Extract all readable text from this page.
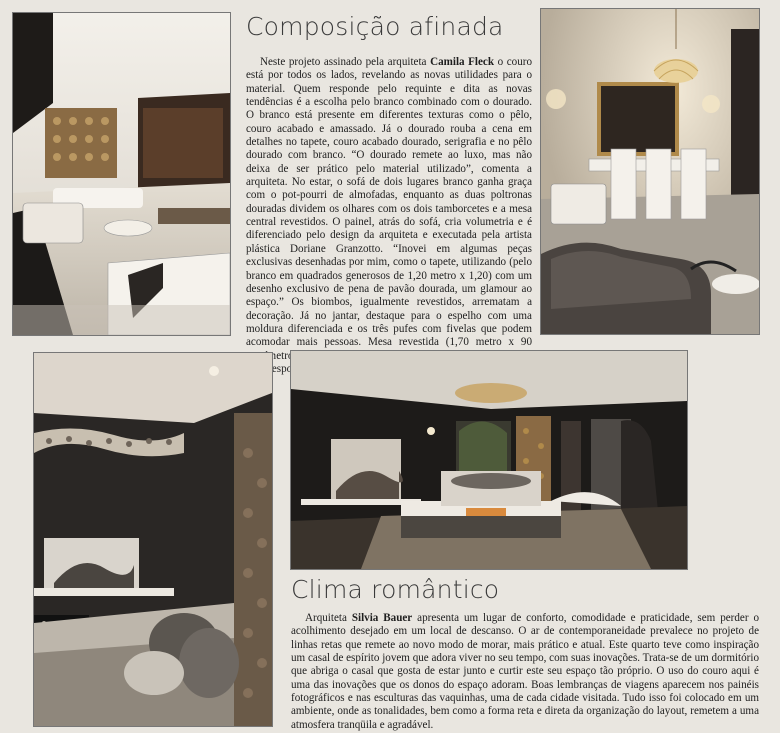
Composição afinada

Neste projeto assinado pela arquiteta Camila Fleck o couro está por todos os lados, revelando as novas utilidades para o material. Quem responde pelo requinte e dita as novas tendências é a escolha pelo branco combinado com o dourado. O branco está presente em diferentes texturas como o pêlo, couro acabado e amassado. Já o dourado rouba a cena em detalhes no tapete, couro acabado dourado, serigrafia e no pêlo dourado com branco. “O dourado remete ao luxo, mas não deixa de ser prático pelo material utilizado”, comenta a arquiteta. No estar, o sofá de dois lugares branco ganha graça com o pot-pourri de almofadas, enquanto as duas poltronas douradas dividem os olhares com os dois tamborcetes e a mesa central revestidos. O painel, atrás do sofá, cria volumetria e é diferenciado pelo design da arquiteta e executada pela artista plástica Doriane Granzotto. “Inovei em algumas peças exclusivas desenhadas por mim, como o tapete, utilizando (pelo branco em quadrados generosos de 1,20 metro x 1,20) com um desenho exclusivo de pena de pavão dourada, um glamour ao espaço.” Os biombos, igualmente revestidos, arrematam a decoração. Já no jantar, destaque para o espelho com uma moldura diferenciada e os três pufes com fivelas que podem acomodar mais pessoas. Mesa revestida (1,70 metro x 90 centímetros)

Clima romântico

Arquiteta Silvia Bauer apresenta um lugar de conforto, comodidade e praticidade, sem perder o acolhimento desejado em um local de descanso. O ar de contemporaneidade prevalece no projeto de linhas retas que remete ao novo modo de morar, mais prático e atual. Este quarto teve como inspiração um casal de espírito jovem que adora viver no seu tempo, com suas inovações. Trata-se de um dormitório que abriga o casal que gosta de estar junto e curtir este seu espaço tão próprio. O uso do couro aqui é uma das inovações que os donos do espaço adoram. Boas lembranças de viagens aparecem nos painéis fotográficos e nas esculturas das vaquinhas, uma de cada cidade visitada. Tudo isso foi colocado em um ambiente, onde as tonalidades, bem como a forma reta e direta da organização do layout, remetem a uma atmosfera tranqüila e agradável.
